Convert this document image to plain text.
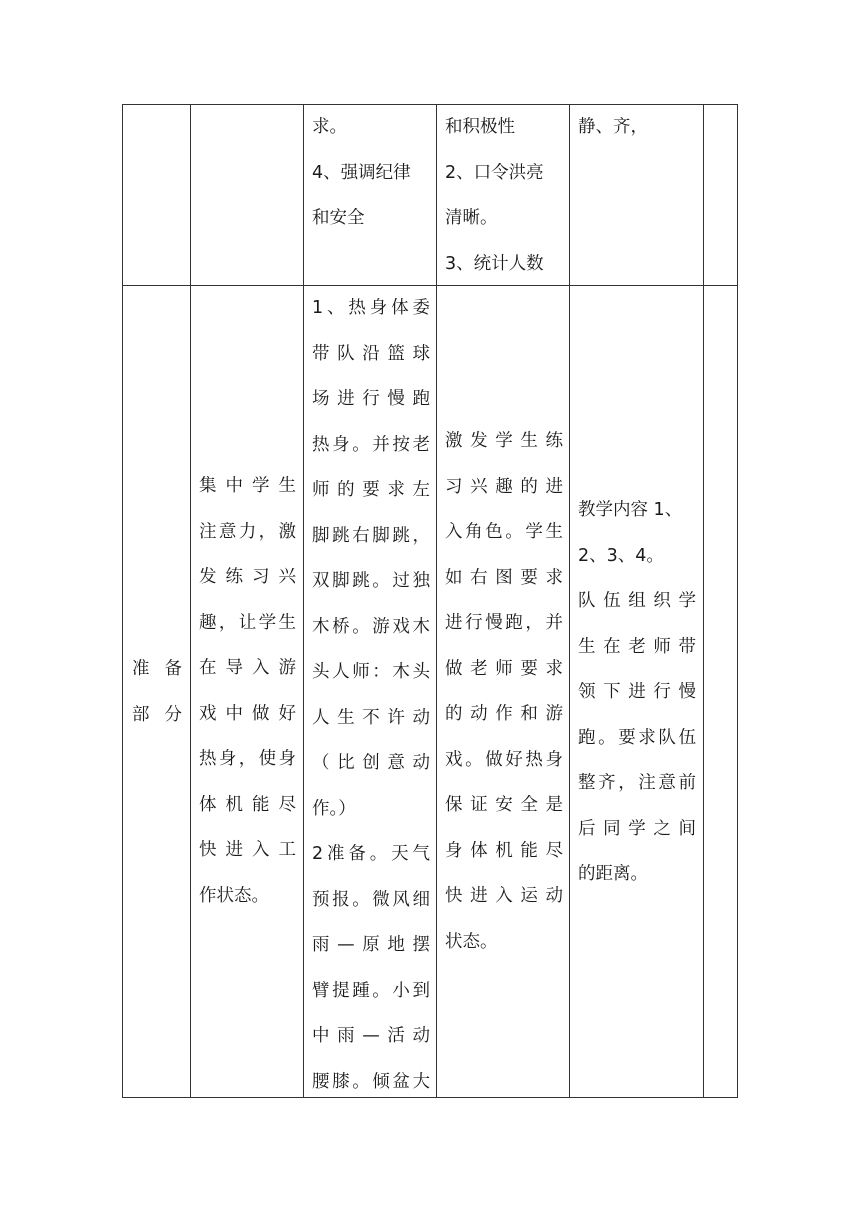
求。
4、强调纪律
和安全
和积极性
2、口令洪亮
清晰。
3、统计人数
静、齐，
准 备
部 分
集中学生
注意力，激
发练习兴
趣，让学生
在导入游
戏中做好
热身，使身
体机能尽
快进入工
作状态。
1、热身体委
带队沿篮球
场进行慢跑
热身。并按老
师的要求左
脚跳右脚跳，
双脚跳。过独
木桥。游戏木
头人师：木头
人生不许动
（比创意动
作。）
2准备。天气
预报。微风细
雨—原地摆
臂提踵。小到
中雨—活动
腰膝。倾盆大
激发学生练
习兴趣的进
入角色。学生
如右图要求
进行慢跑，并
做老师要求
的动作和游
戏。做好热身
保证安全是
身体机能尽
快进入运动
状态。
教学内容 1、
2、3、4。
队伍组织学
生在老师带
领下进行慢
跑。要求队伍
整齐，注意前
后同学之间
的距离。
